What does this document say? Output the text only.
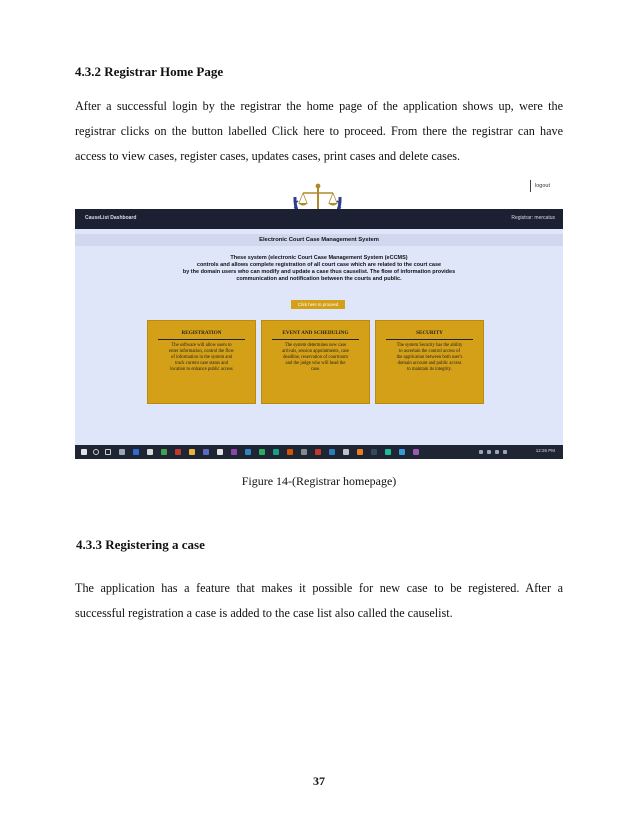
4.3.2 Registrar Home Page
After a successful login by the registrar the home page of the application shows up, were the
registrar clicks on the button labelled Click here to proceed. From there the registrar can have
access to view cases, register cases, updates cases, print cases and delete cases.
logout
CauseList Dashboard	Registrar: mercatus
Electronic Court Case Management System
These system (electronic Court Case Management System (eCCMS)
controls and allows complete registration of all court case which are related to the court case
by the domain users who can modify and update a case thus causelist. The flow of information provides
communication and notification between the courts and public.
Click here to proceed
REGISTRATION
The software will allow users to
enter information, control the flow
of information in the system and
track current case status and
location to enhance public access
EVENT AND SCHEDULING
The system determines new case
arrivals, session appointments, case
deadline, reservation of courtroom
and the judge who will head the
case.
SECURITY
The system Security has the ability
to ascertain the control access of
the application between both user's
domain account and public access
to maintain its integrity.
12:26 PM
Figure 14-(Registrar homepage)
4.3.3 Registering a case
The application has a feature that makes it possible for new case to be registered. After a
successful registration a case is added to the case list also called the causelist.
37
